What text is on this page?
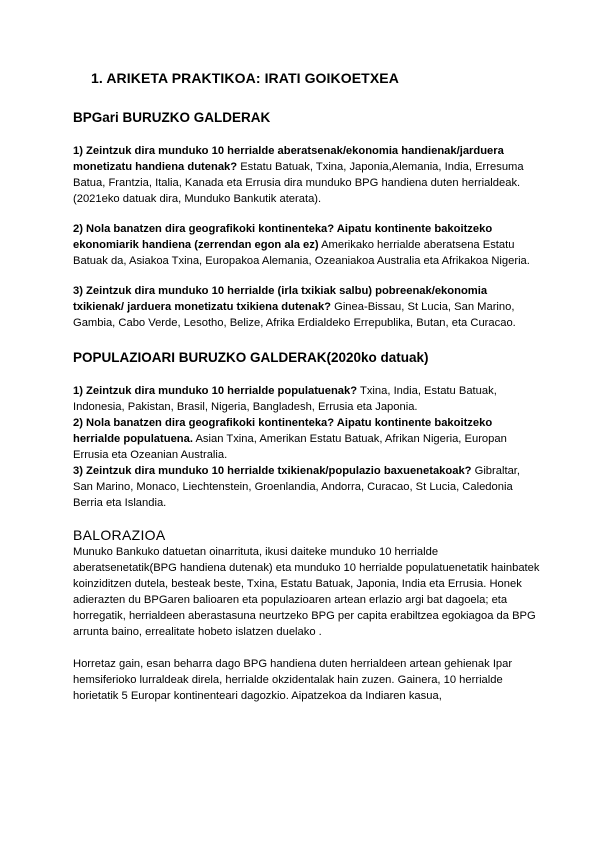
1. ARIKETA PRAKTIKOA: IRATI GOIKOETXEA
BPGari BURUZKO GALDERAK

1) Zeintzuk dira munduko 10 herrialde aberatsenak/ekonomia handienak/jarduera monetizatu handiena dutenak? Estatu Batuak, Txina, Japonia,Alemania, India, Erresuma Batua, Frantzia, Italia, Kanada eta Errusia dira munduko BPG handiena duten herrialdeak. (2021eko datuak dira, Munduko Bankutik aterata).

2) Nola banatzen dira geografikoki kontinenteka? Aipatu kontinente bakoitzeko ekonomiarik handiena (zerrendan egon ala ez) Amerikako herrialde aberatsena Estatu Batuak da, Asiakoa Txina, Europakoa Alemania, Ozeaniakoa Australia eta Afrikakoa Nigeria.

3) Zeintzuk dira munduko 10 herrialde (irla txikiak salbu) pobreenak/ekonomia txikienak/ jarduera monetizatu txikiena dutenak? Ginea-Bissau, St Lucia, San Marino, Gambia, Cabo Verde, Lesotho, Belize, Afrika Erdialdeko Errepublika, Butan, eta Curacao.

POPULAZIOARI BURUZKO GALDERAK(2020ko datuak)

1) Zeintzuk dira munduko 10 herrialde populatuenak? Txina, India, Estatu Batuak, Indonesia, Pakistan, Brasil, Nigeria, Bangladesh, Errusia eta Japonia.

2) Nola banatzen dira geografikoki kontinenteka? Aipatu kontinente bakoitzeko herrialde populatuena. Asian Txina, Amerikan Estatu Batuak, Afrikan Nigeria, Europan Errusia eta Ozeanian Australia.

3) Zeintzuk dira munduko 10 herrialde txikienak/populazio baxuenetakoak? Gibraltar, San Marino, Monaco, Liechtenstein, Groenlandia, Andorra, Curacao, St Lucia, Caledonia Berria eta Islandia.

BALORAZIOA

Munuko Bankuko datuetan oinarrituta, ikusi daiteke munduko 10 herrialde aberatsenetatik(BPG handiena dutenak) eta munduko 10 herrialde populatuenetatik hainbatek koinziditzen dutela, besteak beste, Txina, Estatu Batuak, Japonia, India eta Errusia. Honek adierazten du BPGaren balioaren eta populazioaren artean erlazio argi bat dagoela; eta horregatik, herrialdeen aberastasuna neurtzeko BPG per capita erabiltzea egokiagoa da BPG arrunta baino, errealitate hobeto islatzen duelako .

Horretaz gain, esan beharra dago BPG handiena duten herrialdeen artean gehienak Ipar hemsiferioko lurraldeak direla, herrialde okzidentalak hain zuzen. Gainera, 10 herrialde horietatik 5 Europar kontinenteari dagozkio. Aipatzekoa da Indiaren kasua,
